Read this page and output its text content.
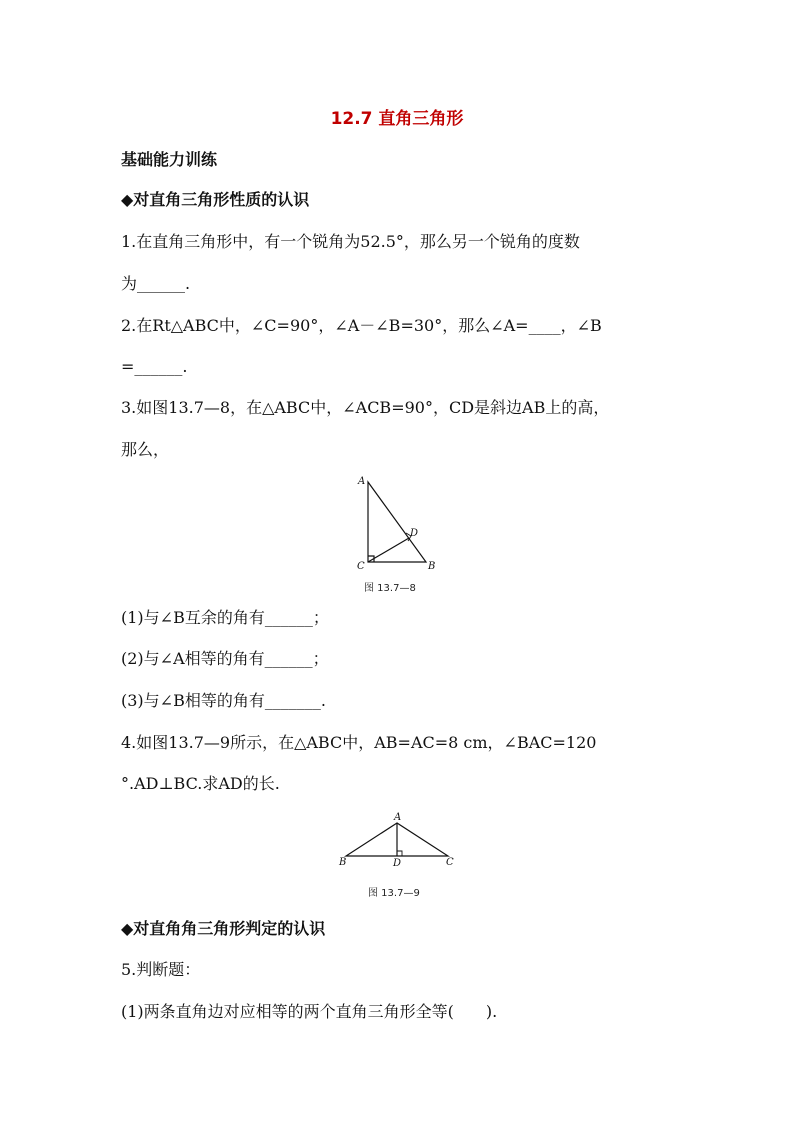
12.7 直角三角形
基础能力训练
◆对直角三角形性质的认识
1.在直角三角形中，有一个锐角为52.5°，那么另一个锐角的度数
为______.
2.在Rt△ABC中，∠C=90°，∠A－∠B=30°，那么∠A=____，∠B
=______.
3.如图13.7—8，在△ABC中，∠ACB=90°，CD是斜边AB上的高，
那么，
A
D
C	B
图 13.7—8
(1)与∠B互余的角有______；
(2)与∠A相等的角有______；
(3)与∠B相等的角有_______.
4.如图13.7—9所示，在△ABC中，AB=AC=8 cm，∠BAC=120
°.AD⊥BC.求AD的长.
A
B	D	C
图 13.7—9
◆对直角角三角形判定的认识
5.判断题：
(1)两条直角边对应相等的两个直角三角形全等(　　).
